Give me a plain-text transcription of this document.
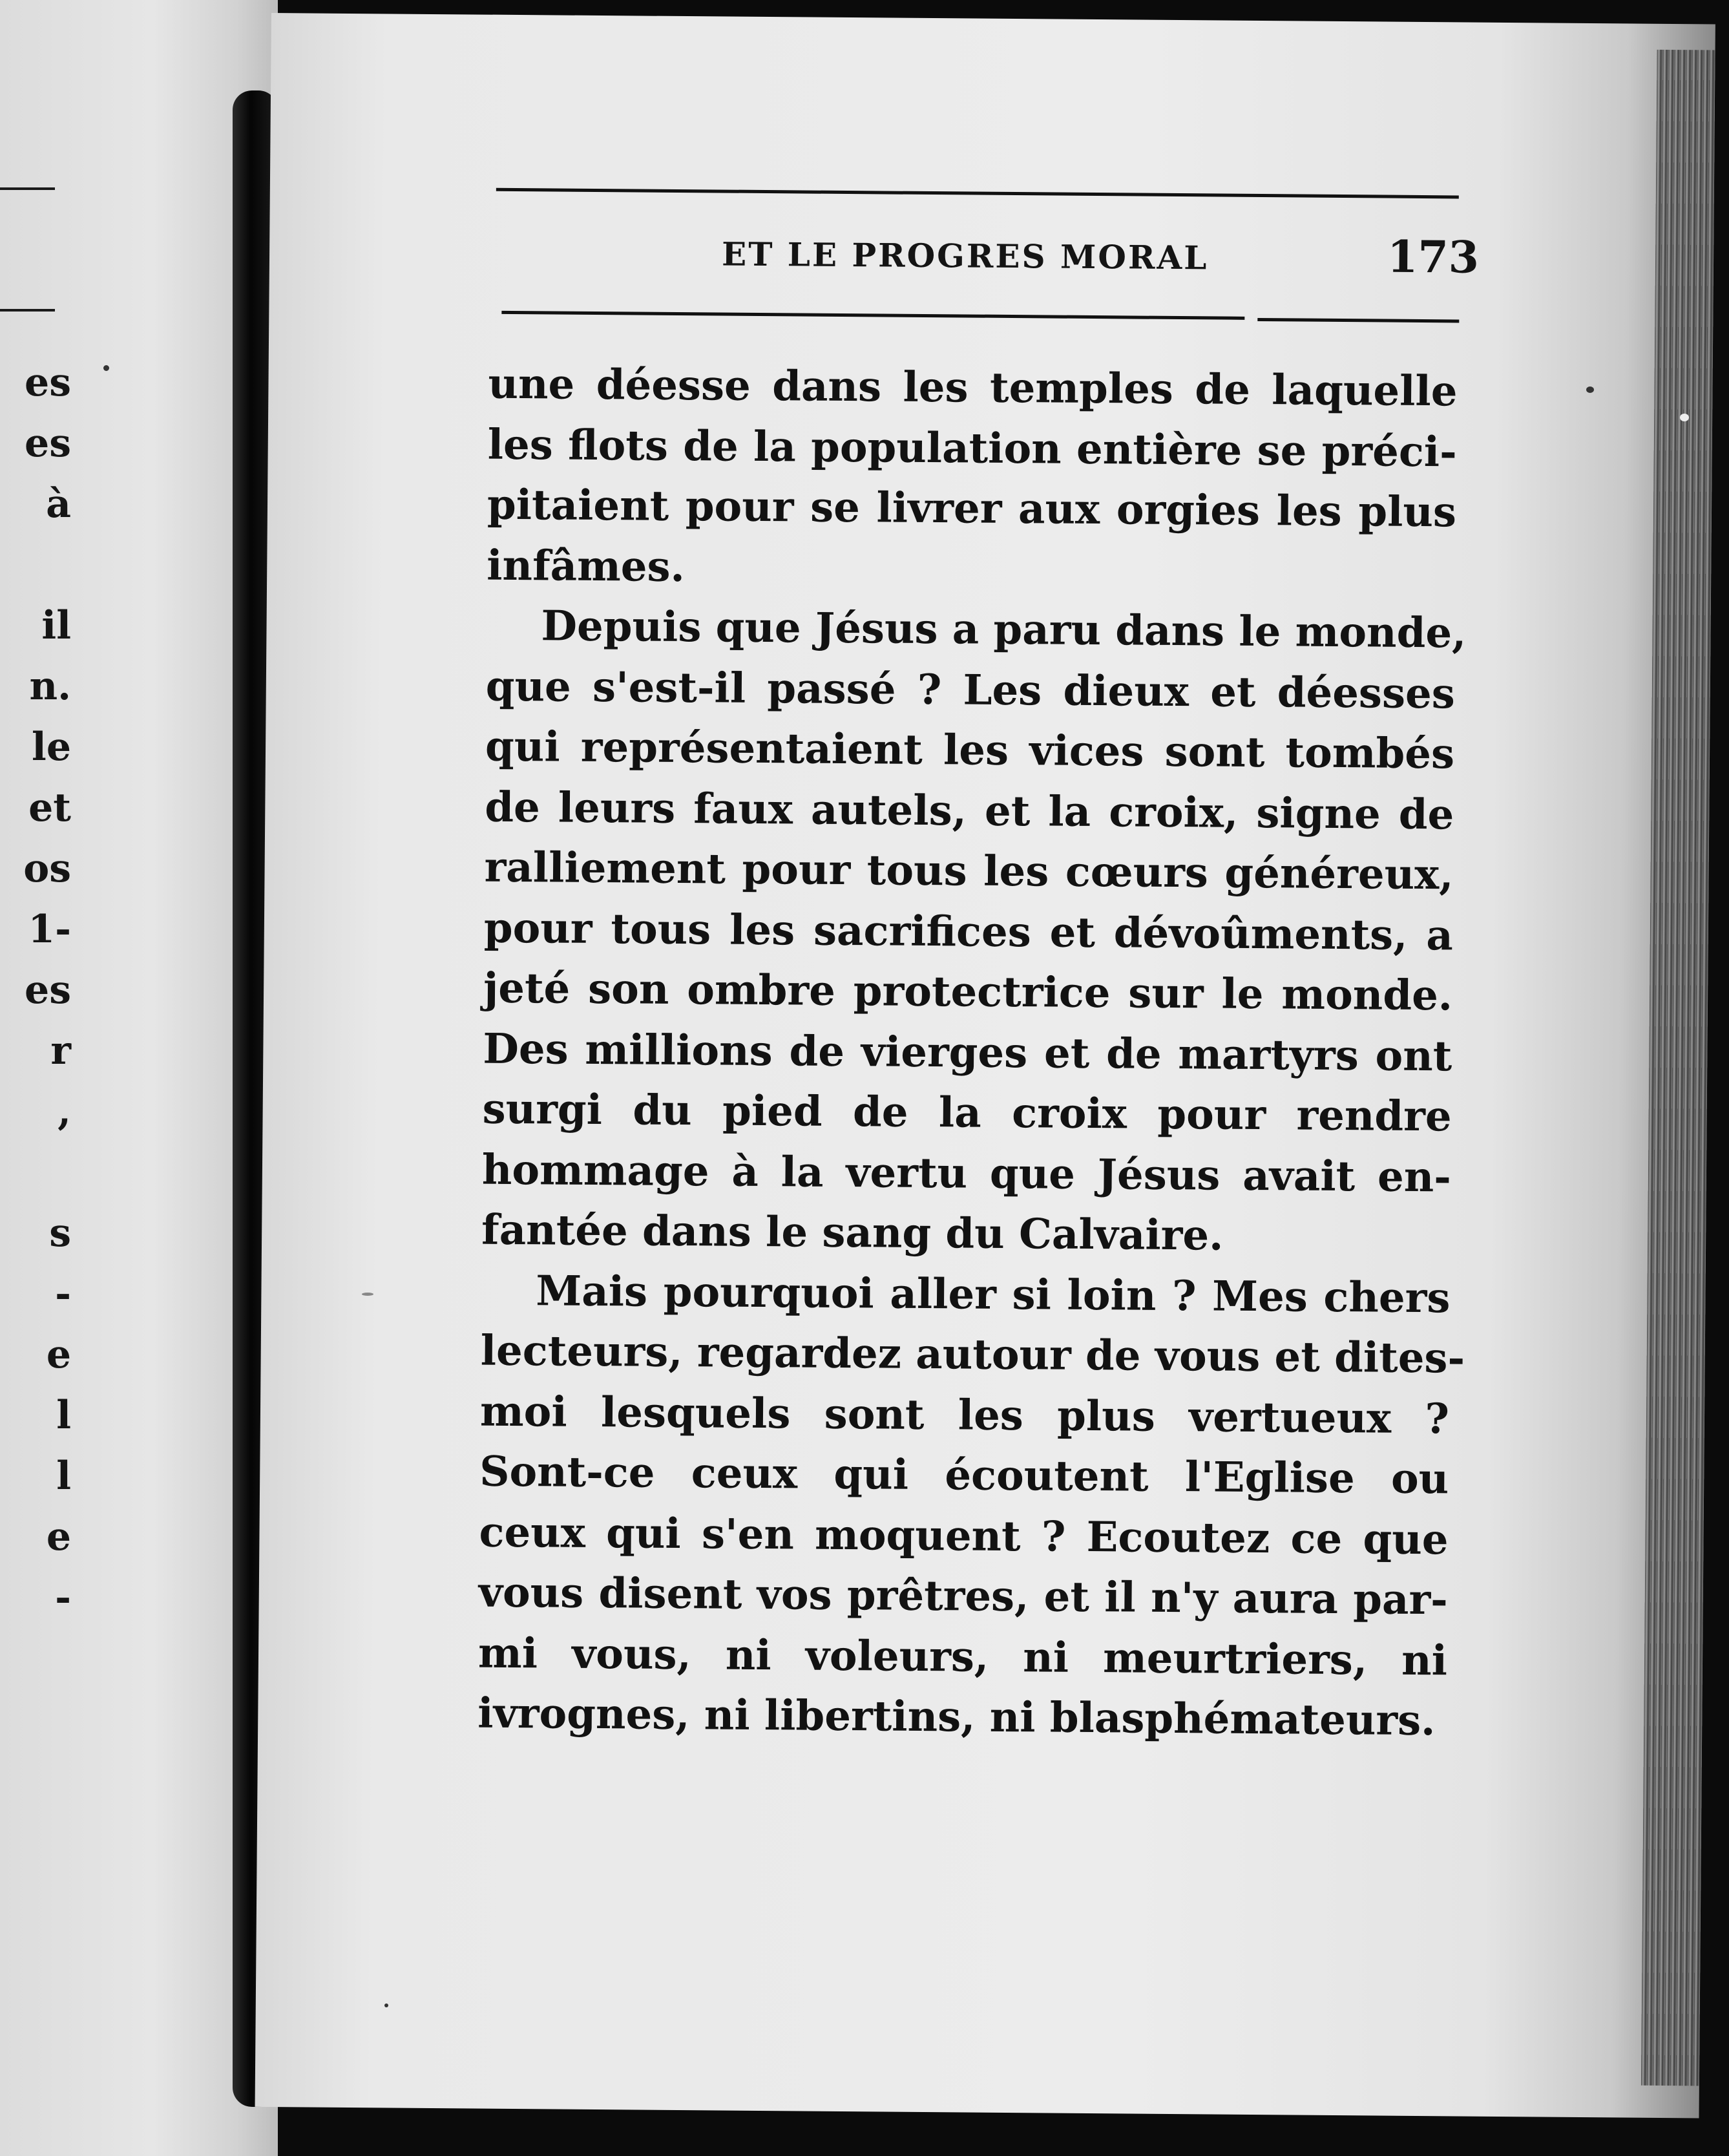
es
es
à
il
n.
le
et
os
1-
es
r
,
s
-
e
l
l
e
-
ET LE PROGRES MORAL	173
une déesse dans les temples de laquelle
les flots de la population entière se préci-
pitaient pour se livrer aux orgies les plus
infâmes.
Depuis que Jésus a paru dans le monde,
que s'est-il passé ? Les dieux et déesses
qui représentaient les vices sont tombés
de leurs faux autels, et la croix, signe de
ralliement pour tous les cœurs généreux,
pour tous les sacrifices et dévoûments, a
jeté son ombre protectrice sur le monde.
Des millions de vierges et de martyrs ont
surgi du pied de la croix pour rendre
hommage à la vertu que Jésus avait en-
fantée dans le sang du Calvaire.
Mais pourquoi aller si loin ? Mes chers
lecteurs, regardez autour de vous et dites-
moi lesquels sont les plus vertueux ?
Sont-ce ceux qui écoutent l'Eglise ou
ceux qui s'en moquent ? Ecoutez ce que
vous disent vos prêtres, et il n'y aura par-
mi vous, ni voleurs, ni meurtriers, ni
ivrognes, ni libertins, ni blasphémateurs.
